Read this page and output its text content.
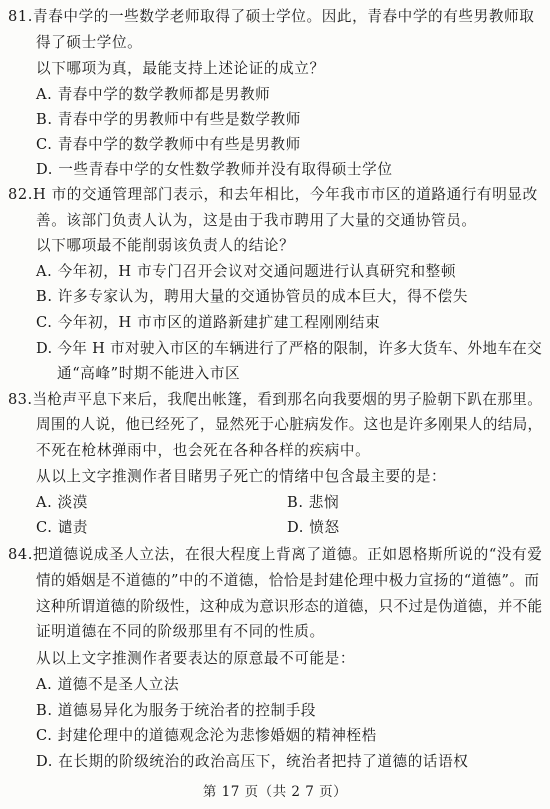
81.青春中学的一些数学老师取得了硕士学位。因此，青春中学的有些男教师取
得了硕士学位。
以下哪项为真，最能支持上述论证的成立？
A. 青春中学的数学教师都是男教师
B. 青春中学的男教师中有些是数学教师
C. 青春中学的数学教师中有些是男教师
D. 一些青春中学的女性数学教师并没有取得硕士学位
82.H 市的交通管理部门表示，和去年相比，今年我市市区的道路通行有明显改
善。该部门负责人认为，这是由于我市聘用了大量的交通协管员。
以下哪项最不能削弱该负责人的结论？
A. 今年初，H 市专门召开会议对交通问题进行认真研究和整顿
B. 许多专家认为，聘用大量的交通协管员的成本巨大，得不偿失
C. 今年初，H 市市区的道路新建扩建工程刚刚结束
D. 今年 H 市对驶入市区的车辆进行了严格的限制，许多大货车、外地车在交
通“高峰”时期不能进入市区
83.当枪声平息下来后，我爬出帐篷，看到那名向我要烟的男子脸朝下趴在那里。
周围的人说，他已经死了，显然死于心脏病发作。这也是许多刚果人的结局，
不死在枪林弹雨中，也会死在各种各样的疾病中。
从以上文字推测作者目睹男子死亡的情绪中包含最主要的是：
A. 淡漠	B. 悲悯
C. 谴责	D. 愤怒
84.把道德说成圣人立法，在很大程度上背离了道德。正如恩格斯所说的“没有爱
情的婚姻是不道德的”中的不道德，恰恰是封建伦理中极力宣扬的“道德”。而
这种所谓道德的阶级性，这种成为意识形态的道德，只不过是伪道德，并不能
证明道德在不同的阶级那里有不同的性质。
从以上文字推测作者要表达的原意最不可能是：
A. 道德不是圣人立法
B. 道德易异化为服务于统治者的控制手段
C. 封建伦理中的道德观念沦为悲惨婚姻的精神桎梏
D. 在长期的阶级统治的政治高压下，统治者把持了道德的话语权
第 17 页（共 2 7 页）
